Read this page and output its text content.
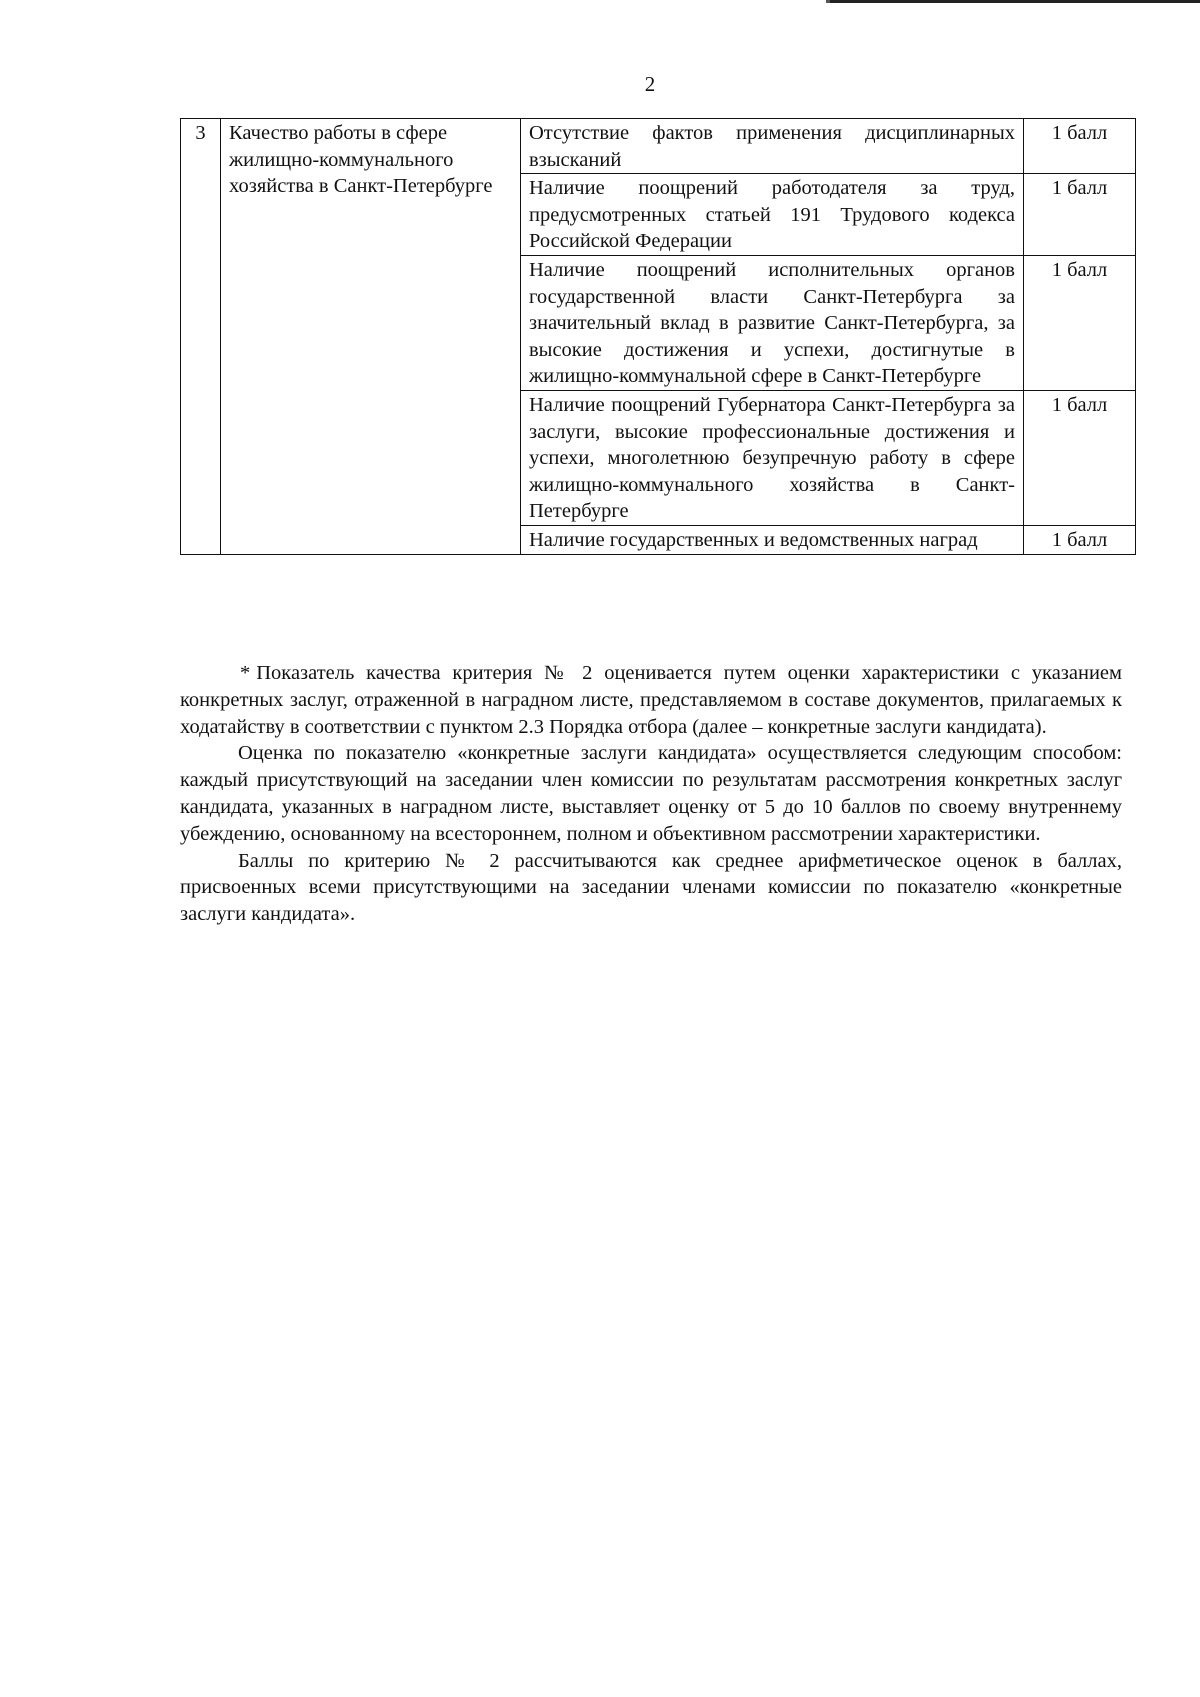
2
3	Качество работы в сфере жилищно-коммунального хозяйства в Санкт-Петербурге	Отсутствие фактов применения дисциплинарных взысканий	1 балл
		Наличие поощрений работодателя за труд, предусмотренных статьей 191 Трудового кодекса Российской Федерации	1 балл
		Наличие поощрений исполнительных органов государственной власти Санкт-Петербурга за значительный вклад в развитие Санкт-Петербурга, за высокие достижения и успехи, достигнутые в жилищно-коммунальной сфере в Санкт-Петербурге	1 балл
		Наличие поощрений Губернатора Санкт-Петербурга за заслуги, высокие профессиональные достижения и успехи, многолетнюю безупречную работу в сфере жилищно-коммунального хозяйства в Санкт-Петербурге	1 балл
		Наличие государственных и ведомственных наград	1 балл

* Показатель качества критерия № 2 оценивается путем оценки характеристики с указанием конкретных заслуг, отраженной в наградном листе, представляемом в составе документов, прилагаемых к ходатайству в соответствии с пунктом 2.3 Порядка отбора (далее – конкретные заслуги кандидата).

Оценка по показателю «конкретные заслуги кандидата» осуществляется следующим способом: каждый присутствующий на заседании член комиссии по результатам рассмотрения конкретных заслуг кандидата, указанных в наградном листе, выставляет оценку от 5 до 10 баллов по своему внутреннему убеждению, основанному на всестороннем, полном и объективном рассмотрении характеристики.

Баллы по критерию № 2 рассчитываются как среднее арифметическое оценок в баллах, присвоенных всеми присутствующими на заседании членами комиссии по показателю «конкретные заслуги кандидата».
